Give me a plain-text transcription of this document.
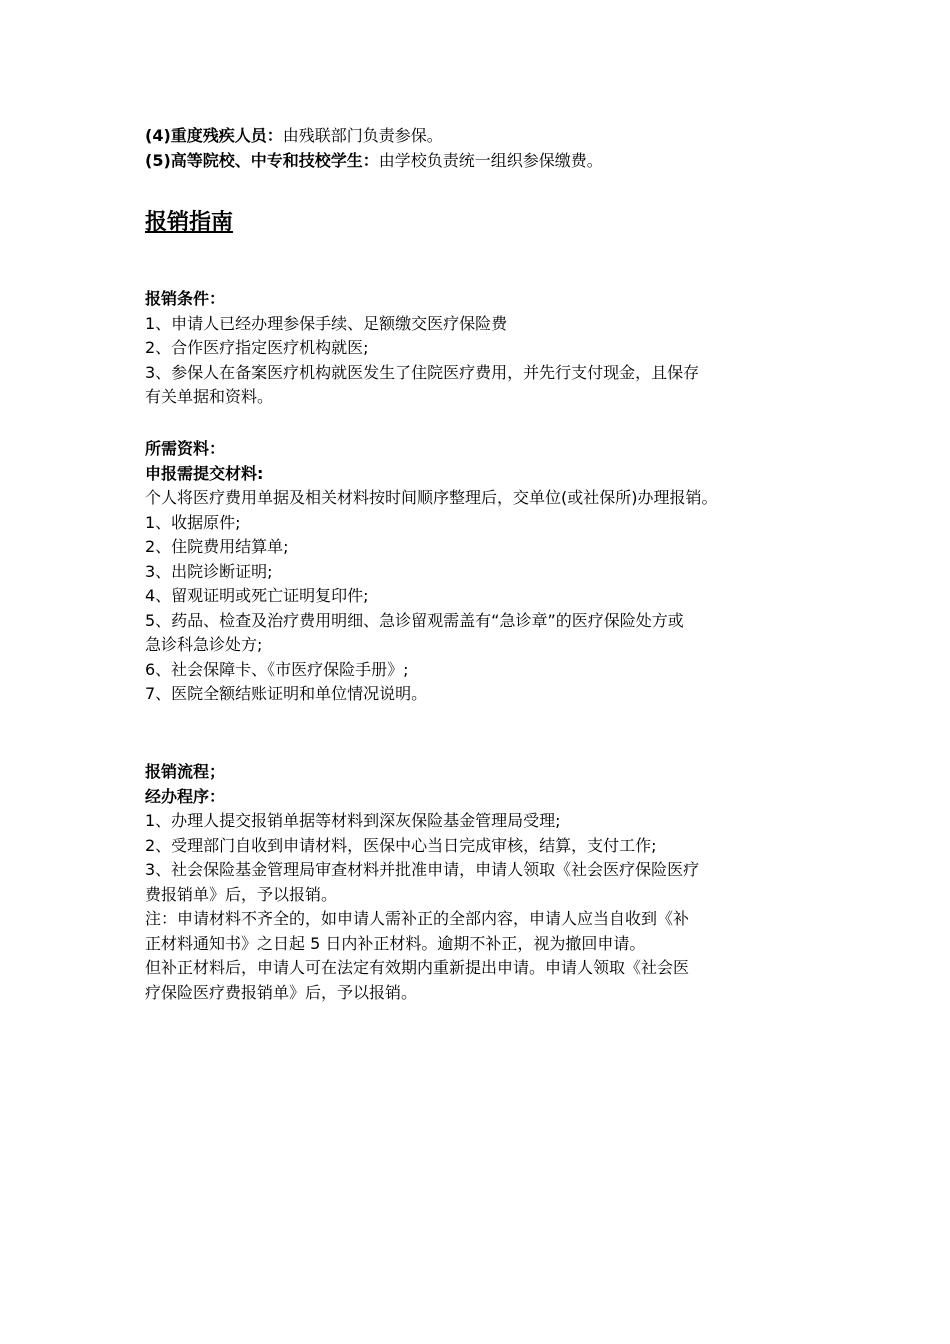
(4)重度残疾人员：由残联部门负责参保。

(5)高等院校、中专和技校学生：由学校负责统一组织参保缴费。

报销指南

报销条件：

1、申请人已经办理参保手续、足额缴交医疗保险费

2、合作医疗指定医疗机构就医;

3、参保人在备案医疗机构就医发生了住院医疗费用，并先行支付现金，且保存

有关单据和资料。

所需资料：

申报需提交材料:

个人将医疗费用单据及相关材料按时间顺序整理后，交单位(或社保所)办理报销。

1、收据原件;

2、住院费用结算单;

3、出院诊断证明;

4、留观证明或死亡证明复印件;

5、药品、检查及治疗费用明细、急诊留观需盖有“急诊章”的医疗保险处方或

急诊科急诊处方;

6、社会保障卡、《市医疗保险手册》;

7、医院全额结账证明和单位情况说明。

报销流程；

经办程序：

1、办理人提交报销单据等材料到深灰保险基金管理局受理;

2、受理部门自收到申请材料，医保中心当日完成审核，结算，支付工作;

3、社会保险基金管理局审查材料并批准申请，申请人领取《社会医疗保险医疗

费报销单》后，予以报销。

注：申请材料不齐全的，如申请人需补正的全部内容，申请人应当自收到《补

正材料通知书》之日起 5 日内补正材料。逾期不补正，视为撤回申请。

但补正材料后，申请人可在法定有效期内重新提出申请。申请人领取《社会医

疗保险医疗费报销单》后，予以报销。
